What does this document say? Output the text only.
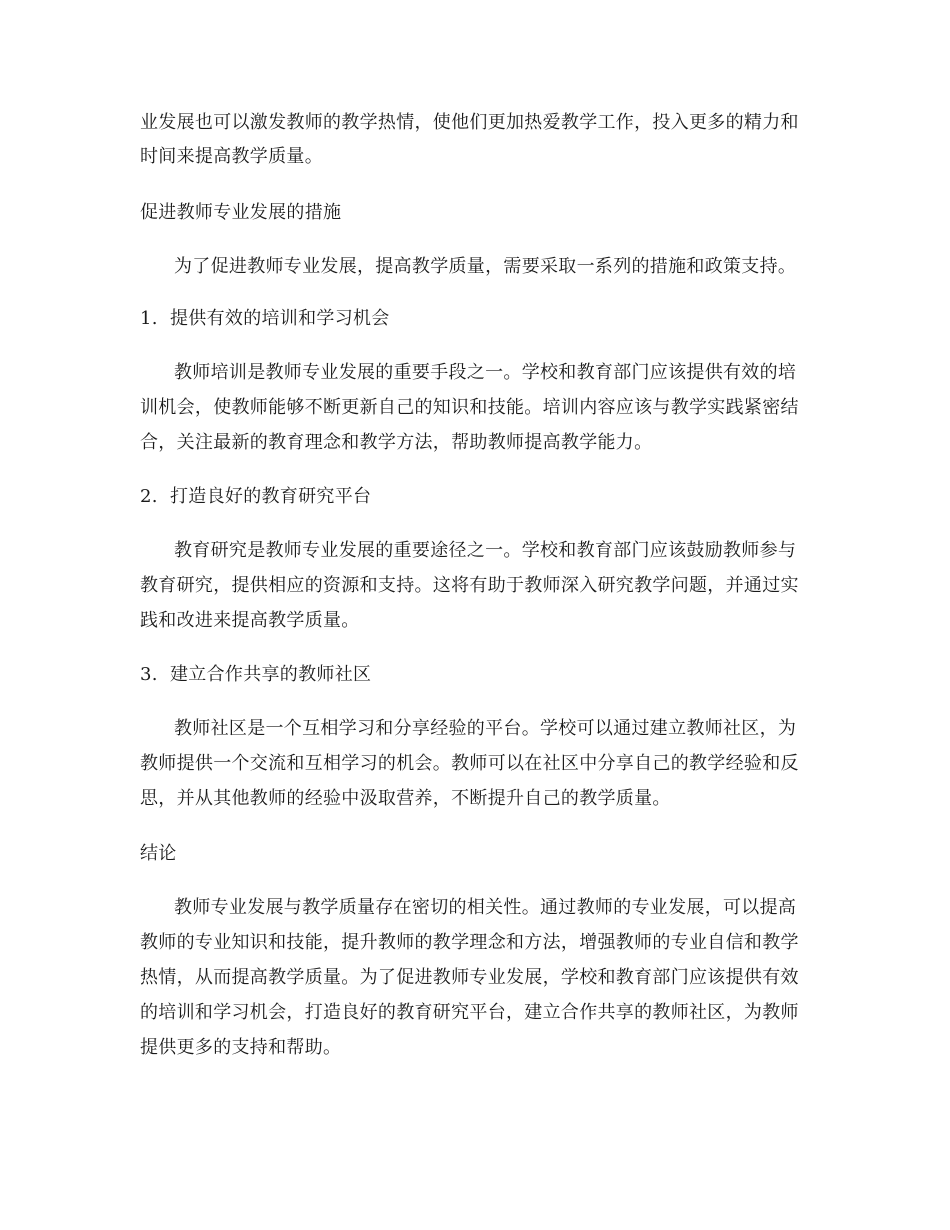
业发展也可以激发教师的教学热情，使他们更加热爱教学工作，投入更多的精力和
时间来提高教学质量。
促进教师专业发展的措施
为了促进教师专业发展，提高教学质量，需要采取一系列的措施和政策支持。
1. 提供有效的培训和学习机会
教师培训是教师专业发展的重要手段之一。学校和教育部门应该提供有效的培
训机会，使教师能够不断更新自己的知识和技能。培训内容应该与教学实践紧密结
合，关注最新的教育理念和教学方法，帮助教师提高教学能力。
2. 打造良好的教育研究平台
教育研究是教师专业发展的重要途径之一。学校和教育部门应该鼓励教师参与
教育研究，提供相应的资源和支持。这将有助于教师深入研究教学问题，并通过实
践和改进来提高教学质量。
3. 建立合作共享的教师社区
教师社区是一个互相学习和分享经验的平台。学校可以通过建立教师社区，为
教师提供一个交流和互相学习的机会。教师可以在社区中分享自己的教学经验和反
思，并从其他教师的经验中汲取营养，不断提升自己的教学质量。
结论
教师专业发展与教学质量存在密切的相关性。通过教师的专业发展，可以提高
教师的专业知识和技能，提升教师的教学理念和方法，增强教师的专业自信和教学
热情，从而提高教学质量。为了促进教师专业发展，学校和教育部门应该提供有效
的培训和学习机会，打造良好的教育研究平台，建立合作共享的教师社区，为教师
提供更多的支持和帮助。
